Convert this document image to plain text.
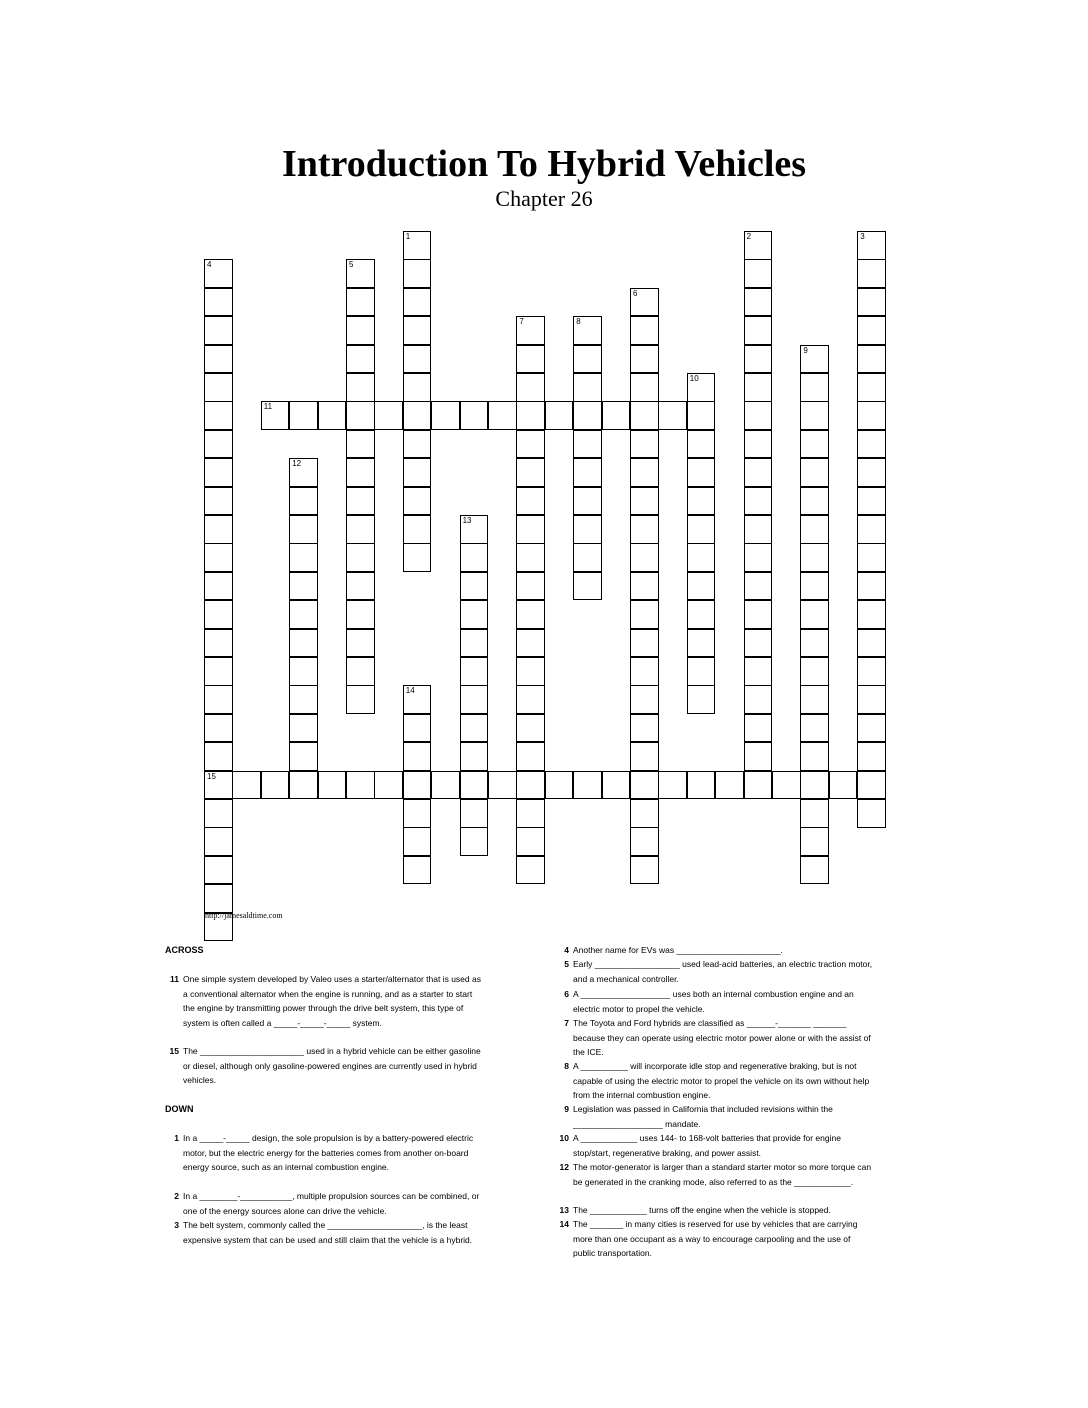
Introduction To Hybrid Vehicles
Chapter 26
1	2	3
4
15
5
6
7	8
9
10
11
12
13
14
http://jamesaldtime.com
ACROSS
11 One simple system developed by Valeo uses a starter/alternator that is used as a conventional alternator when the engine is running, and as a starter to start the engine by transmitting power through the drive belt system, this type of system is often called a _____-_____-_____ system.
15 The ______________________ used in a hybrid vehicle can be either gasoline or diesel, although only gasoline-powered engines are currently used in hybrid vehicles.
DOWN
1 In a _____-_____ design, the sole propulsion is by a battery-powered electric motor, but the electric energy for the batteries comes from another on-board energy source, such as an internal combustion engine.
2 In a ________-___________, multiple propulsion sources can be combined, or one of the energy sources alone can drive the vehicle.
3 The belt system, commonly called the ____________________, is the least expensive system that can be used and still claim that the vehicle is a hybrid.
4 Another name for EVs was ______________________.
5 Early __________________ used lead-acid batteries, an electric traction motor, and a mechanical controller.
6 A ___________________ uses both an internal combustion engine and an electric motor to propel the vehicle.
7 The Toyota and Ford hybrids are classified as ______-_______ _______ because they can operate using electric motor power alone or with the assist of the ICE.
8 A __________ will incorporate idle stop and regenerative braking, but is not capable of using the electric motor to propel the vehicle on its own without help from the internal combustion engine.
9 Legislation was passed in California that included revisions within the ___________________ mandate.
10 A ____________ uses 144- to 168-volt batteries that provide for engine stop/start, regenerative braking, and power assist.
12 The motor-generator is larger than a standard starter motor so more torque can be generated in the cranking mode, also referred to as the ____________.
13 The ____________ turns off the engine when the vehicle is stopped.
14 The _______ in many cities is reserved for use by vehicles that are carrying more than one occupant as a way to encourage carpooling and the use of public transportation.
